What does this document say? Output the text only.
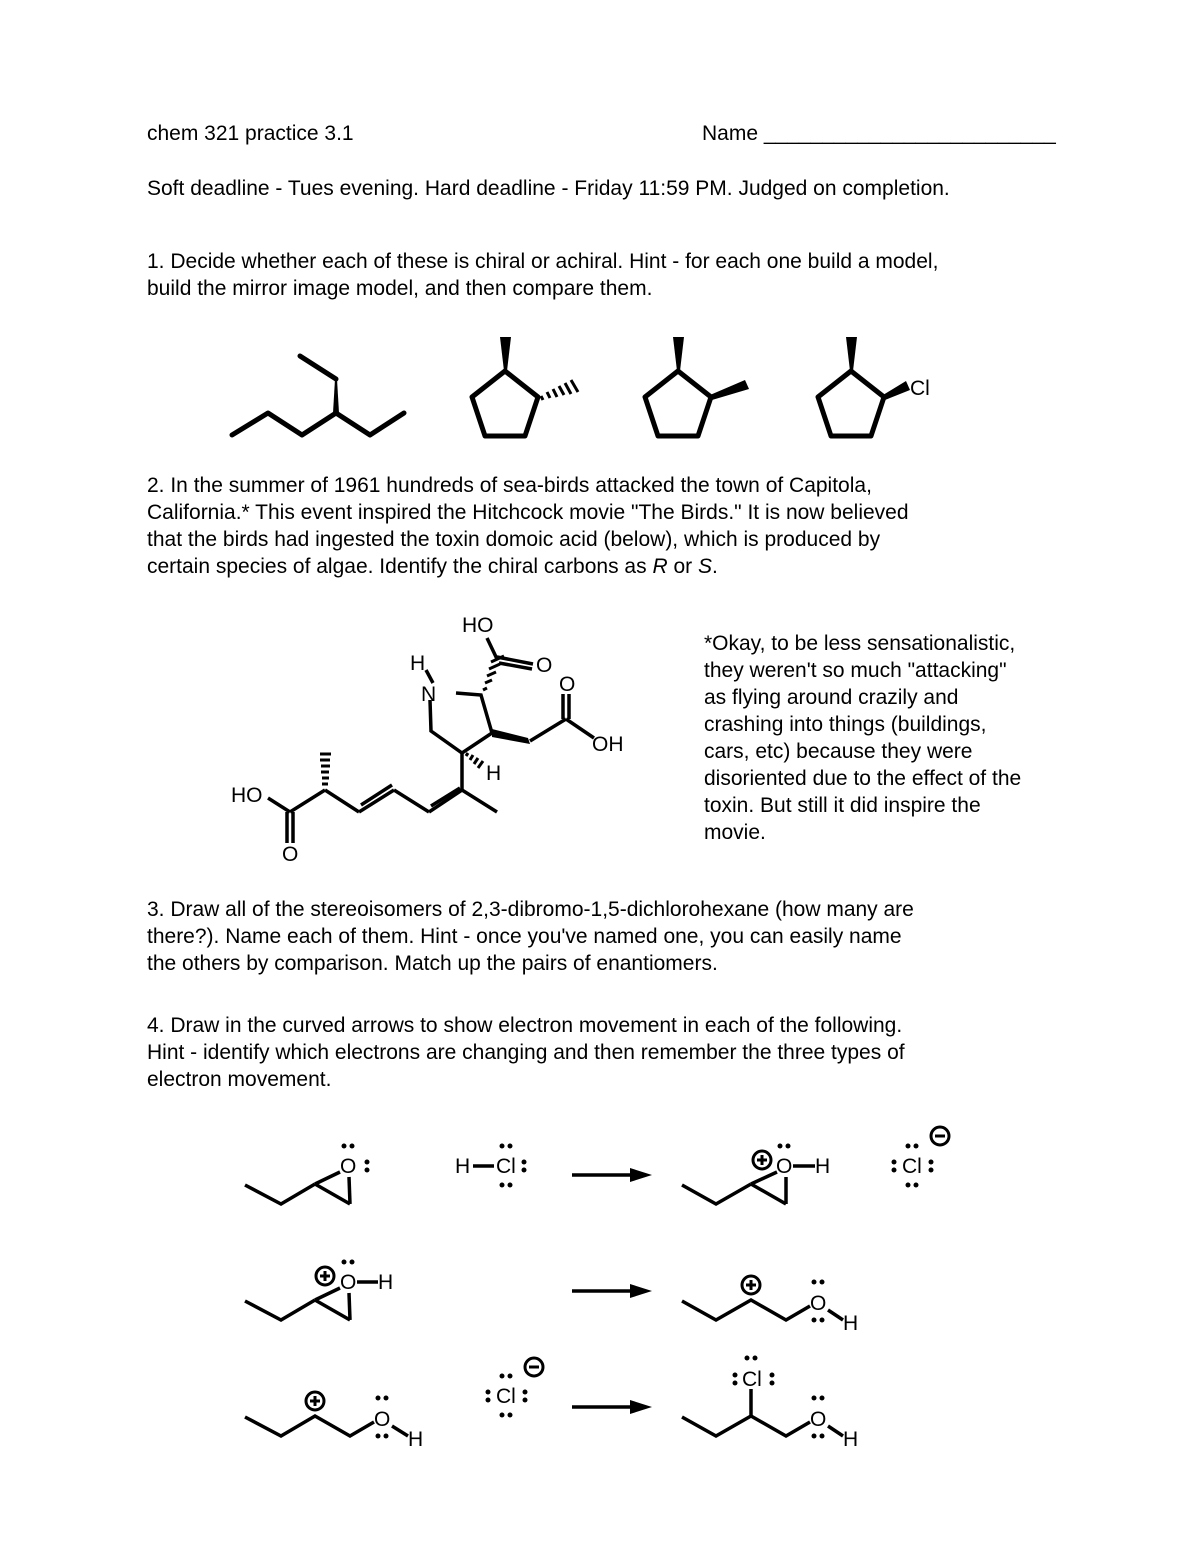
chem 321 practice 3.1	Name _________________________
Soft deadline - Tues evening. Hard deadline - Friday 11:59 PM. Judged on completion.
1. Decide whether each of these is chiral or achiral. Hint - for each one build a model,
build the mirror image model, and then compare them.
Cl
2. In the summer of 1961 hundreds of sea-birds attacked the town of Capitola,
California.* This event inspired the Hitchcock movie "The Birds." It is now believed
that the birds had ingested the toxin domoic acid (below), which is produced by
certain species of algae. Identify the chiral carbons as R or S.
HO
O
H
N	O
OH
H
HO
O
*Okay, to be less sensationalistic,
they weren't so much "attacking"
as flying around crazily and
crashing into things (buildings,
cars, etc) because they were
disoriented due to the effect of the
toxin. But still it did inspire the
movie.
3. Draw all of the stereoisomers of 2,3-dibromo-1,5-dichlorohexane (how many are
there?). Name each of them. Hint - once you've named one, you can easily name
the others by comparison. Match up the pairs of enantiomers.
4. Draw in the curved arrows to show electron movement in each of the following.
Hint - identify which electrons are changing and then remember the three types of
electron movement.
O	H Cl	O H	Cl
O H
O
H
O
H
Cl
Cl
O
H
